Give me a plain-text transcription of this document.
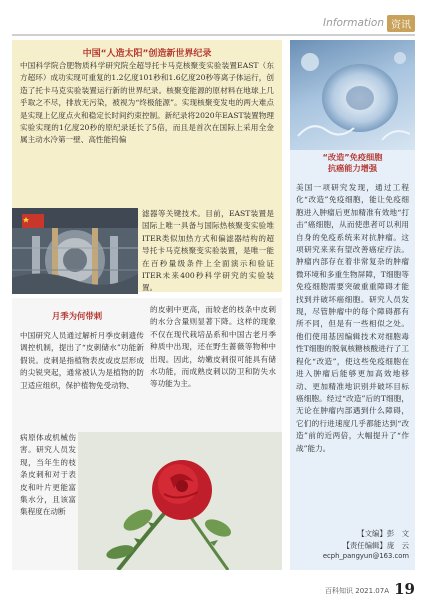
Information 资讯
中国“人造太阳”创造新世界纪录

中国科学院合肥物质科学研究院全超导托卡马克核聚变实验装置EAST（东方超环）成功实现可重复的1.2亿度101秒和1.6亿度20秒等离子体运行，创造了托卡马克实验装置运行新的世界纪录。核聚变能源的原材料在地球上几乎取之不尽，排放无污染，被视为“终极能源”。实现核聚变发电的两大难点是实现上亿度点火和稳定长时间约束控制。新纪录将2020年EAST装置物理实验实现的1亿度20秒的原纪录延长了5倍，而且是首次在国际上采用全金属主动水冷第一壁、高性能钨偏

滤器等关键技术。目前，EAST装置是国际上唯一具备与国际热核聚变实验堆ITER类似加热方式和偏滤器结构的超导托卡马克核聚变实验装置，是唯一能在百秒量级条件上全面演示和验证ITER未来400秒科学研究的实验装置。

“改造”免疫细胞
抗癌能力增强

美国一项研究发现，通过工程化“改造”免疫细胞，能让免疫细胞进入肿瘤后更加精准有效地“打击”癌细胞，从而使患者可以利用自身的免疫系统来对抗肿瘤。这项研究来来有望改善癌症疗法。肿瘤内部存在着非常复杂的肿瘤微环境和多重生物屏障，T细胞等免疫细胞需要突破重重障碍才能找到并破坏癌细胞。研究人员发现，尽管肿瘤中的每个障碍都有所不同，但是有一些相似之处。他们使用基因编辑技术对细胞毒性T细胞的脱氧核糖核酸进行了工程化“改造”，使这些免疫细胞在进入肿瘤后能够更加高效地移动、更加精准地识别并破坏目标癌细胞。经过“改造”后的T细胞，无论在肿瘤内部遇到什么障碍，它们的行进速度几乎都能达到“改造”前的近两倍，大幅提升了“作战”能力。

【文编】彭　文
【责任编辑】庞　云
ecph_pangyun@163.com
月季为何带刺

中国研究人员通过解析月季皮刺遗传调控机制，提出了“皮刺储水”功能新假说。皮刺是指植物表皮或皮层形成的尖锐突起，通常被认为是植物的防卫适应组织，保护植物免受动物、

病原体或机械伤害。研究人员发现，当年生的枝条皮刺和对于表皮和叶片更能富集水分，且该富集程度在动断

的皮刺中更高，而较老的枝条中皮刺的水分含量则显著下降。这样的现象不仅在现代栽培品系和中国古老月季种质中出现，还在野生蔷薇等物种中出现。因此，幼嫩皮刺很可能具有储水功能，而成熟皮刺以防卫和防失水等功能为主。

百科知识 2021.07A 19
